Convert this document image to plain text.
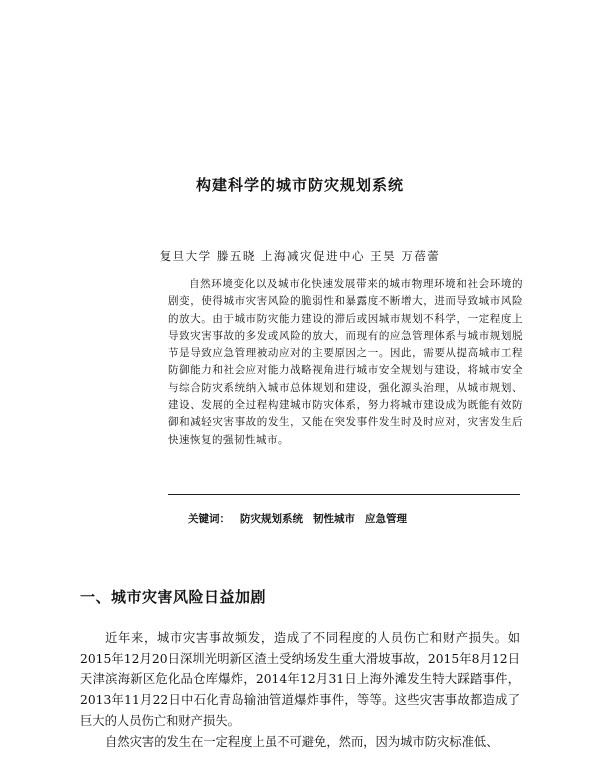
构建科学的城市防灾规划系统

复旦大学 滕五晓 上海减灾促进中心 王昊 万蓓蕾

自然环境变化以及城市化快速发展带来的城市物理环境和社会环境的剧变，使得城市灾害风险的脆弱性和暴露度不断增大，进而导致城市风险的放大。由于城市防灾能力建设的滞后或因城市规划不科学，一定程度上导致灾害事故的多发或风险的放大，而现有的应急管理体系与城市规划脱节是导致应急管理被动应对的主要原因之一。因此，需要从提高城市工程防御能力和社会应对能力战略视角进行城市安全规划与建设，将城市安全与综合防灾系统纳入城市总体规划和建设，强化源头治理，从城市规划、建设、发展的全过程构建城市防灾体系，努力将城市建设成为既能有效防御和减轻灾害事故的发生，又能在突发事件发生时及时应对，灾害发生后快速恢复的强韧性城市。

关键词： 防灾规划系统 韧性城市 应急管理
一、城市灾害风险日益加剧

近年来，城市灾害事故频发，造成了不同程度的人员伤亡和财产损失。如2015年12月20日深圳光明新区渣土受纳场发生重大滑坡事故，2015年8月12日天津滨海新区危化品仓库爆炸，2014年12月31日上海外滩发生特大踩踏事件，2013年11月22日中石化青岛输油管道爆炸事件，等等。这些灾害事故都造成了巨大的人员伤亡和财产损失。

自然灾害的发生在一定程度上虽不可避免，然而，因为城市防灾标准低、
